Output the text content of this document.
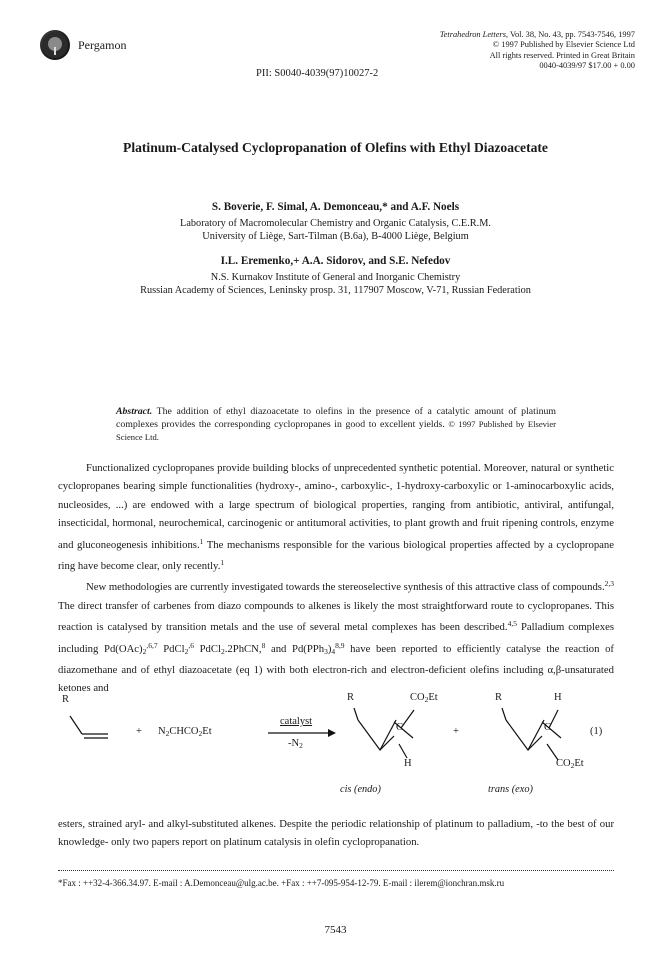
Pergamon
Tetrahedron Letters, Vol. 38, No. 43, pp. 7543-7546, 1997
© 1997 Published by Elsevier Science Ltd
All rights reserved. Printed in Great Britain
0040-4039/97 $17.00 + 0.00
PII: S0040-4039(97)10027-2
Platinum-Catalysed Cyclopropanation of Olefins with Ethyl Diazoacetate
S. Boverie, F. Simal, A. Demonceau,* and A.F. Noels
Laboratory of Macromolecular Chemistry and Organic Catalysis, C.E.R.M.
University of Liège, Sart-Tilman (B.6a), B-4000 Liège, Belgium
I.L. Eremenko,+ A.A. Sidorov, and S.E. Nefedov
N.S. Kurnakov Institute of General and Inorganic Chemistry
Russian Academy of Sciences, Leninsky prosp. 31, 117907 Moscow, V-71, Russian Federation
Abstract. The addition of ethyl diazoacetate to olefins in the presence of a catalytic amount of platinum complexes provides the corresponding cyclopropanes in good to excellent yields. © 1997 Published by Elsevier Science Ltd.

Functionalized cyclopropanes provide building blocks of unprecedented synthetic potential. Moreover, natural or synthetic cyclopropanes bearing simple functionalities (hydroxy-, amino-, carboxylic-, 1-hydroxy-carboxylic or 1-aminocarboxylic acids, nucleosides, ...) are endowed with a large spectrum of biological properties, ranging from antibiotic, antiviral, antifungal, insecticidal, hormonal, neurochemical, carcinogenic or antitumoral activities, to plant growth and fruit ripening controls, enzyme and gluconeogenesis inhibitions.$^1$ The mechanisms responsible for the various biological properties affected by a cyclopropane ring have become clear, only recently.$^1$

New methodologies are currently investigated towards the stereoselective synthesis of this attractive class of compounds.$^{2,3}$ The direct transfer of carbenes from diazo compounds to alkenes is likely the most straightforward route to cyclopropanes. This reaction is catalysed by transition metals and the use of several metal complexes has been described.$^{4,5}$ Palladium complexes including $Pd(OAc)_2^{,6,7}$ PdCl$_2^{,6}$ PdCl$_2$.2PhCN,$^8$ and $Pd(PPh_3)_4^{8,9}$ have been reported to efficiently catalyse the reaction of diazomethane and of ethyl diazoacetate (eq 1) with both electron-rich and electron-deficient olefins including α,β-unsaturated ketones and

R
+ $N_2CHCO_2Et$
catalyst
$-N_2$
R	$CO_2Et$
C
H
+
R	H
C
$CO_2Et$
(1)
cis (endo)	trans (exo)

esters, strained aryl- and alkyl-substituted alkenes. Despite the periodic relationship of platinum to palladium, -to the best of our knowledge- only two papers report on platinum catalysis in olefin cyclopropanation.

*Fax : ++32-4-366.34.97. E-mail : A.Demonceau@ulg.ac.be. +Fax : ++7-095-954-12-79. E-mail : ilerem@ionchran.msk.ru
7543
